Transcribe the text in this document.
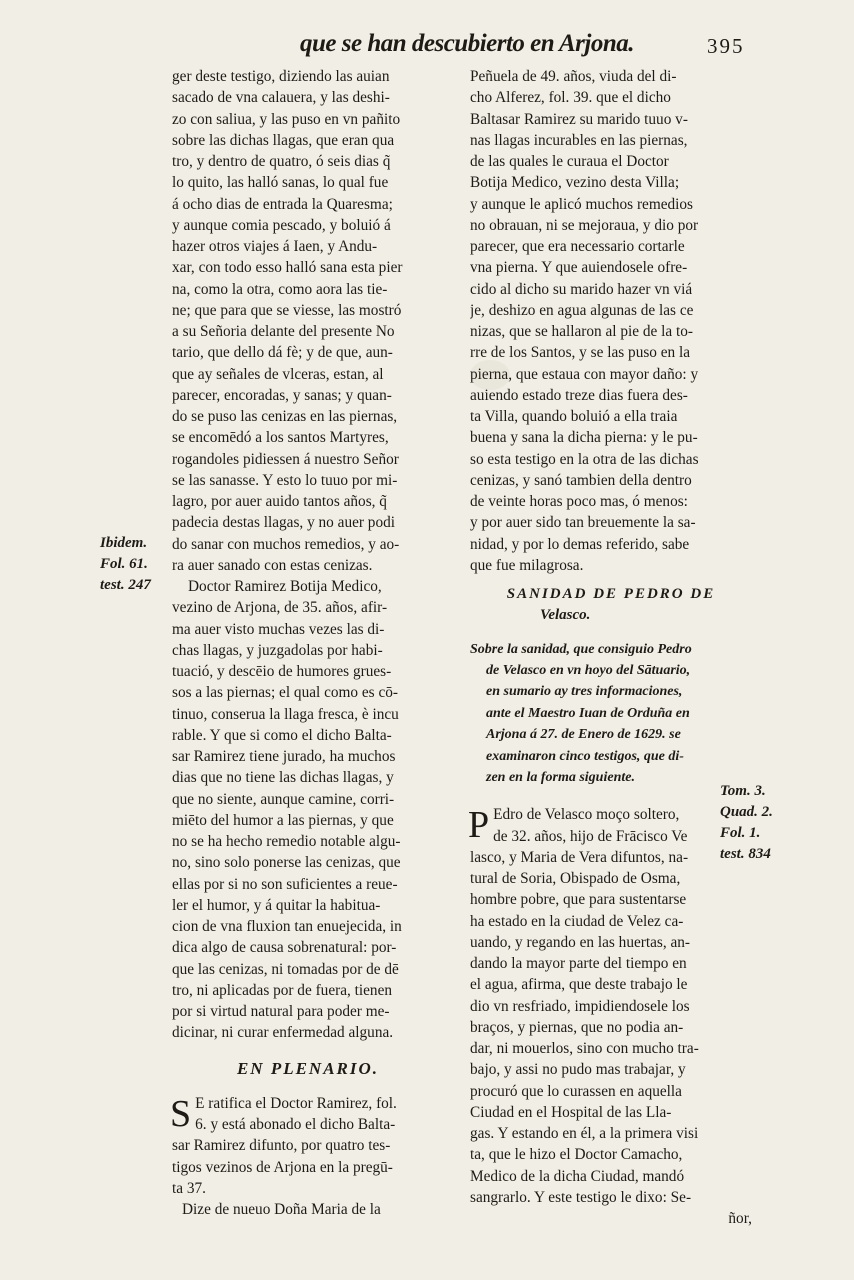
que se han descubierto en Arjona.	395
Ibidem.
Fol. 61.
test. 247
Tom. 3.
Quad. 2.
Fol. 1.
test. 834
ger deste testigo, diziendo las auian
sacado de vna calauera, y las deshi-
zo con saliua, y las puso en vn pañito
sobre las dichas llagas, que eran qua
tro, y dentro de quatro, ó seis dias q̃
lo quito, las halló sanas, lo qual fue
á ocho dias de entrada la Quaresma;
y aunque comia pescado, y boluió á
hazer otros viajes á Iaen, y Andu-
xar, con todo esso halló sana esta pier
na, como la otra, como aora las tie-
ne; que para que se viesse, las mostró
a su Señoria delante del presente No
tario, que dello dá fè; y de que, aun-
que ay señales de vlceras, estan, al
parecer, encoradas, y sanas; y quan-
do se puso las cenizas en las piernas,
se encomēdó a los santos Martyres,
rogandoles pidiessen á nuestro Señor
se las sanasse. Y esto lo tuuo por mi-
lagro, por auer auido tantos años, q̃
padecia destas llagas, y no auer podi
do sanar con muchos remedios, y ao-
ra auer sanado con estas cenizas.
Doctor Ramirez Botija Medico,
vezino de Arjona, de 35. años, afir-
ma auer visto muchas vezes las di-
chas llagas, y juzgadolas por habi-
tuació, y descēio de humores grues-
sos a las piernas; el qual como es cō-
tinuo, conserua la llaga fresca, è incu
rable. Y que si como el dicho Balta-
sar Ramirez tiene jurado, ha muchos
dias que no tiene las dichas llagas, y
que no siente, aunque camine, corri-
miēto del humor a las piernas, y que
no se ha hecho remedio notable algu-
no, sino solo ponerse las cenizas, que
ellas por si no son suficientes a reue-
ler el humor, y á quitar la habitua-
cion de vna fluxion tan enuejecida, in
dica algo de causa sobrenatural: por-
que las cenizas, ni tomadas por de dē
tro, ni aplicadas por de fuera, tienen
por si virtud natural para poder me-
dicinar, ni curar enfermedad alguna.
EN PLENARIO.
S E ratifica el Doctor Ramirez, fol.
6. y está abonado el dicho Balta-
sar Ramirez difunto, por quatro tes-
tigos vezinos de Arjona en la pregū-
ta 37.
Dize de nueuo Doña Maria de la
Peñuela de 49. años, viuda del di-
cho Alferez, fol. 39. que el dicho
Baltasar Ramirez su marido tuuo v-
nas llagas incurables en las piernas,
de las quales le curaua el Doctor
Botija Medico, vezino desta Villa;
y aunque le aplicó muchos remedios
no obrauan, ni se mejoraua, y dio por
parecer, que era necessario cortarle
vna pierna. Y que auiendosele ofre-
cido al dicho su marido hazer vn viá
je, deshizo en agua algunas de las ce
nizas, que se hallaron al pie de la to-
rre de los Santos, y se las puso en la
pierna, que estaua con mayor daño: y
auiendo estado treze dias fuera des-
ta Villa, quando boluió a ella traia
buena y sana la dicha pierna: y le pu-
so esta testigo en la otra de las dichas
cenizas, y sanó tambien della dentro
de veinte horas poco mas, ó menos:
y por auer sido tan breuemente la sa-
nidad, y por lo demas referido, sabe
que fue milagrosa.
SANIDAD DE PEDRO DE
Velasco.
Sobre la sanidad, que consiguio Pedro
de Velasco en vn hoyo del Sātuario,
en sumario ay tres informaciones,
ante el Maestro Iuan de Orduña en
Arjona á 27. de Enero de 1629. se
examinaron cinco testigos, que di-
zen en la forma siguiente.
P Edro de Velasco moço soltero,
de 32. años, hijo de Frācisco Ve
lasco, y Maria de Vera difuntos, na-
tural de Soria, Obispado de Osma,
hombre pobre, que para sustentarse
ha estado en la ciudad de Velez ca-
uando, y regando en las huertas, an-
dando la mayor parte del tiempo en
el agua, afirma, que deste trabajo le
dio vn resfriado, impidiendosele los
braços, y piernas, que no podia an-
dar, ni mouerlos, sino con mucho tra-
bajo, y assi no pudo mas trabajar, y
procuró que lo curassen en aquella
Ciudad en el Hospital de las Lla-
gas. Y estando en él, a la primera visi
ta, que le hizo el Doctor Camacho,
Medico de la dicha Ciudad, mandó
sangrarlo. Y este testigo le dixo: Se-
ñor,
